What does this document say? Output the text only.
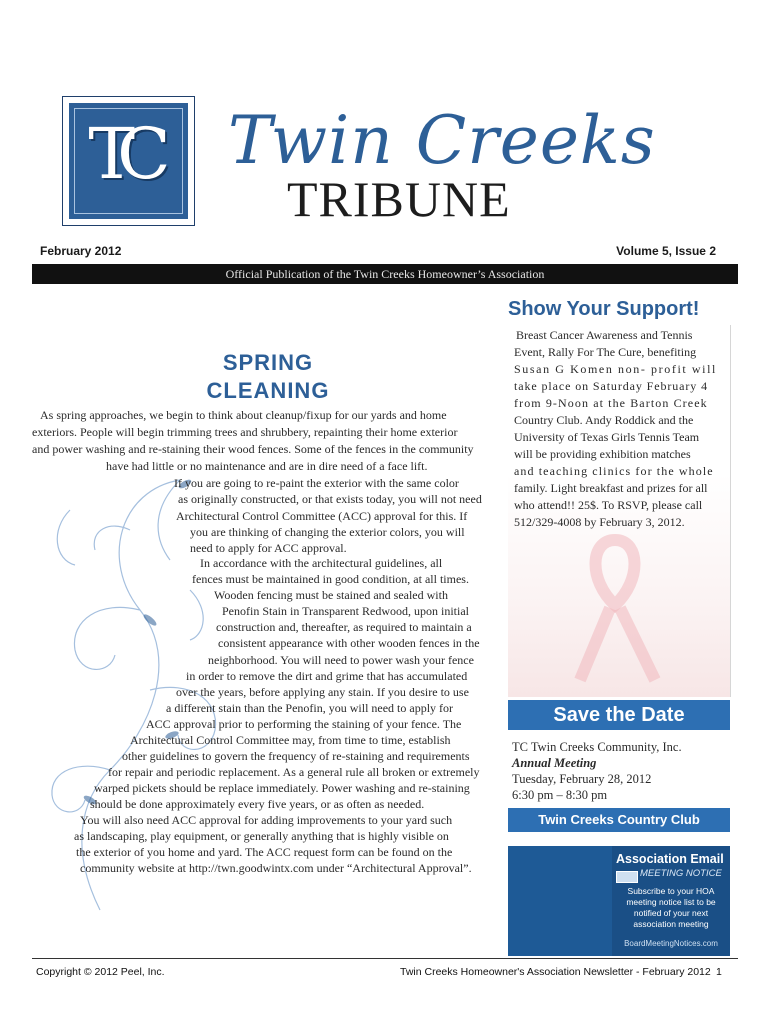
TC	Twin Creeks
TRIBUNE
February 2012	Volume 5, Issue 2
Official Publication of the Twin Creeks Homeowner’s Association
SPRING
CLEANING
As spring approaches, we begin to think about cleanup/fixup for our yards and home
exteriors. People will begin trimming trees and shrubbery, repainting their home exterior
and power washing and re-staining their wood fences. Some of the fences in the community
have had little or no maintenance and are in dire need of a face lift.
If you are going to re-paint the exterior with the same color
as originally constructed, or that exists today, you will not need
Architectural Control Committee (ACC) approval for this. If
you are thinking of changing the exterior colors, you will
need to apply for ACC approval.
In accordance with the architectural guidelines, all
fences must be maintained in good condition, at all times.
Wooden fencing must be stained and sealed with
Penofin Stain in Transparent Redwood, upon initial
construction and, thereafter, as required to maintain a
consistent appearance with other wooden fences in the
neighborhood. You will need to power wash your fence
in order to remove the dirt and grime that has accumulated
over the years, before applying any stain. If you desire to use
a different stain than the Penofin, you will need to apply for
ACC approval prior to performing the staining of your fence. The
Architectural Control Committee may, from time to time, establish
other guidelines to govern the frequency of re-staining and requirements
for repair and periodic replacement. As a general rule all broken or extremely
warped pickets should be replace immediately. Power washing and re-staining
should be done approximately every five years, or as often as needed.
You will also need ACC approval for adding improvements to your yard such
as landscaping, play equipment, or generally anything that is highly visible on
the exterior of you home and yard. The ACC request form can be found on the
community website at http://twn.goodwintx.com under “Architectural Approval”.
Show Your Support!
Breast Cancer Awareness and Tennis
Event, Rally For The Cure, benefiting
Susan G Komen non- profit will
take place on Saturday February 4
from 9-Noon at the Barton Creek
Country Club. Andy Roddick and the
University of Texas Girls Tennis Team
will be providing exhibition matches
and teaching clinics for the whole
family. Light breakfast and prizes for all
who attend!! 25$. To RSVP, please call
512/329-4008 by February 3, 2012.
Save the Date
TC Twin Creeks Community, Inc.
Annual Meeting
Tuesday, February 28, 2012
6:30 pm – 8:30 pm
Twin Creeks Country Club
Association Email
MEETING NOTICE
Subscribe to your HOA
meeting notice list to be
notified of your next
association meeting
BoardMeetingNotices.com
Copyright © 2012 Peel, Inc.	Twin Creeks Homeowner's Association Newsletter - February 2012 1
